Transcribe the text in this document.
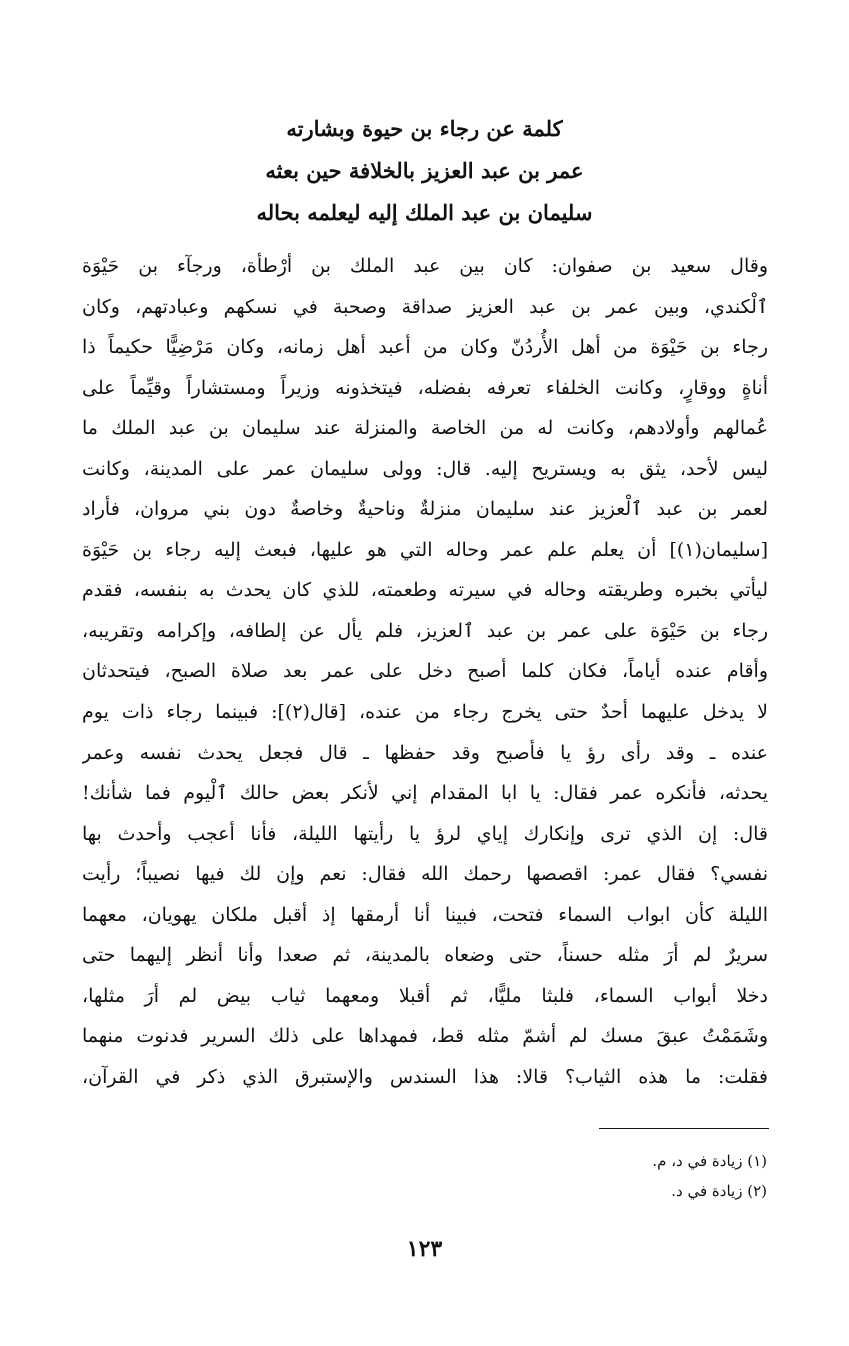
كلمة عن رجاء بن حيوة وبشارته
عمر بن عبد العزيز بالخلافة حين بعثه
سليمان بن عبد الملك إليه ليعلمه بحاله
وقال سعيد بن صفوان: كان بين عبد الملك بن أرْطأة، ورجآء بن حَيْوَة
ٱلْكندي، وبين عمر بن عبد العزيز صداقة وصحبة في نسكهم وعبادتهم، وكان
رجاء بن حَيْوَة من أهل الأُردُنّ وكان من أعبد أهل زمانه، وكان مَرْضِيًّا حكيماً ذا
أناةٍ ووقارٍ، وكانت الخلفاء تعرفه بفضله، فيتخذونه وزيراً ومستشاراً وقيِّماً على
عُمالهم وأولادهم، وكانت له من الخاصة والمنزلة عند سليمان بن عبد الملك ما
ليس لأحد، يثق به ويستريح إليه. قال: وولى سليمان عمر على المدينة، وكانت
لعمر بن عبد ٱلْعزيز عند سليمان منزلةٌ وناحيةٌ وخاصةٌ دون بني مروان، فأراد
[سليمان(١)] أن يعلم علم عمر وحاله التي هو عليها، فبعث إليه رجاء بن حَيْوَة
ليأتي بخبره وطريقته وحاله في سيرته وطعمته، للذي كان يحدث به بنفسه، فقدم
رجاء بن حَيْوَة على عمر بن عبد ٱلعزيز، فلم يأل عن إلطافه، وإكرامه وتقريبه،
وأقام عنده أياماً، فكان كلما أصبح دخل على عمر بعد صلاة الصبح، فيتحدثان
لا يدخل عليهما أحدٌ حتى يخرج رجاء من عنده، [قال(٢)]: فبينما رجاء ذات يوم
عنده ـ وقد رأى رؤ يا فأصبح وقد حفظها ـ قال فجعل يحدث نفسه وعمر
يحدثه، فأنكره عمر فقال: يا ابا المقدام إني لأنكر بعض حالك ٱلْيوم فما شأنك!
قال: إن الذي ترى وإنكارك إياي لرؤ يا رأيتها الليلة، فأنا أعجب وأحدث بها
نفسي؟ فقال عمر: اقصصها رحمك الله فقال: نعم وإن لك فيها نصيباً؛ رأيت
الليلة كأن ابواب السماء فتحت، فبينا أنا أرمقها إذ أقبل ملكان يهويان، معهما
سريرٌ لم أرَ مثله حسناً، حتى وضعاه بالمدينة، ثم صعدا وأنا أنظر إليهما حتى
دخلا أبواب السماء، فلبثا مليًّا، ثم أقبلا ومعهما ثياب بيض لم أرَ مثلها،
وشَمَمْتُ عبقَ مسك لم أشمّ مثله قط، فمهداها على ذلك السرير فدنوت منهما
فقلت: ما هذه الثياب؟ قالا: هذا السندس والإستبرق الذي ذكر في القرآن،
(١) زيادة في د، م.
(٢) زيادة في د.
١٢٣
